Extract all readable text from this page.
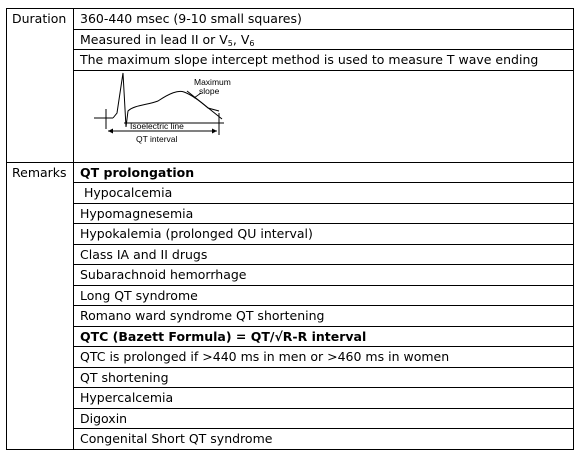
Duration	360-440 msec (9-10 small squares)
	Measured in lead II or $V_5$, $V_6$
	The maximum slope intercept method is used to measure T wave ending

Maximum
slope
Isoelectric line
QT interval

Remarks	QT prolongation
	Hypocalcemia
	Hypomagnesemia
	Hypokalemia (prolonged QU interval)
	Class IA and II drugs
	Subarachnoid hemorrhage
	Long QT syndrome
	Romano ward syndrome QT shortening
	QTC (Bazett Formula) = QT/√R-R interval
	QTC is prolonged if >440 ms in men or >460 ms in women
	QT shortening
	Hypercalcemia
	Digoxin
	Congenital Short QT syndrome
